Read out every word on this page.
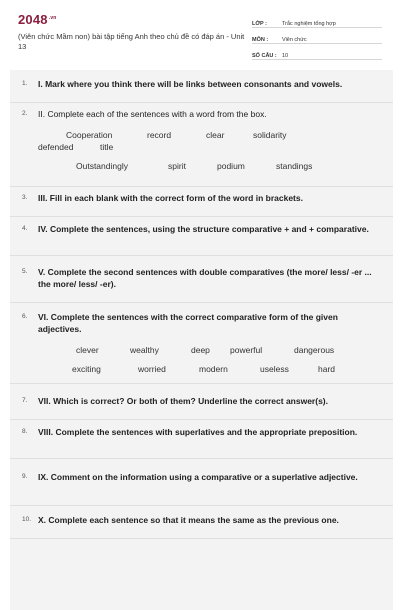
$2048^{.vn}$
(Viên chức Mầm non) bài tập tiếng Anh theo chủ đề có đáp án - Unit 13
LỚP :	Trắc nghiệm tổng hợp
MÔN :	Viên chức
SỐ CÂU : 10
1. I. Mark where you think there will be links between consonants and vowels.
2. II. Complete each of the sentences with a word from the box.
Cooperation	record	clear	solidarity
defended	title
Outstandingly	spirit	podium	standings
3. III. Fill in each blank with the correct form of the word in brackets.
4. IV. Complete the sentences, using the structure comparative + and + comparative.
5. V. Complete the second sentences with double comparatives (the more/ less/ -er ... the more/ less/ -er).
6. VI. Complete the sentences with the correct comparative form of the given adjectives.
clever	wealthy	deep powerful	dangerous
exciting	worried	modern	useless	hard
7. VII. Which is correct? Or both of them? Underline the correct answer(s).
8. VIII. Complete the sentences with superlatives and the appropriate preposition.
9. IX. Comment on the information using a comparative or a superlative adjective.
10. X. Complete each sentence so that it means the same as the previous one.
